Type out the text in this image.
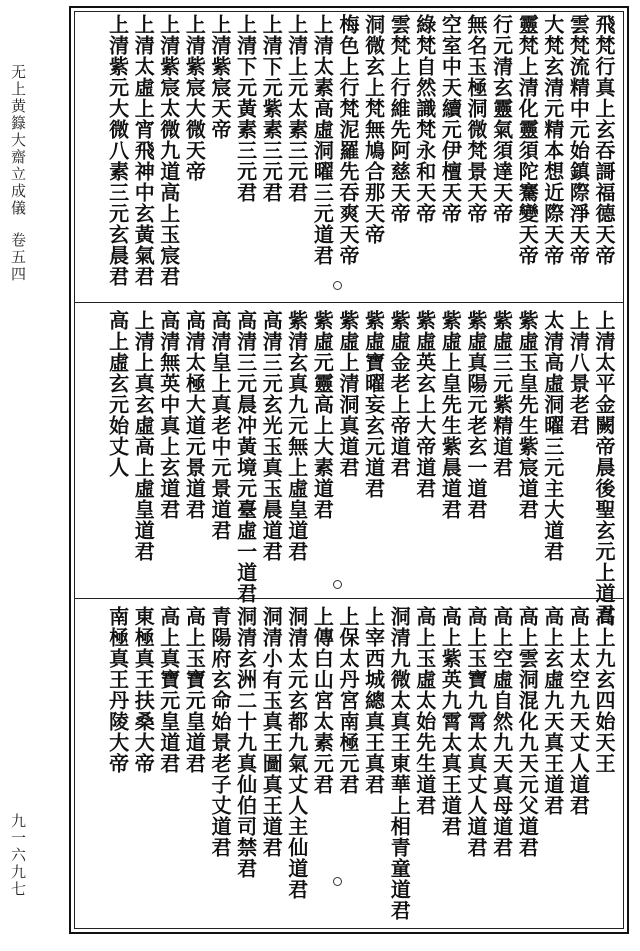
无上黄籙大齋立成儀
卷五四
九一六九七
飛梵行真上玄吞謌福德天帝
雲梵流精中元始鎮際淨天帝
大梵玄清元精本想近際天帝
靈梵上清化靈須陀騫變天帝
行元清玄靈氣須達天帝
無名玉極洞微梵景天帝
空室中天續元伊檀天帝
綠梵自然識梵永和天帝
雲梵上行維先阿慈天帝
洞微玄上梵無鳩合那天帝
梅色上行梵泥羅先吞爽天帝
上清太素高虛洞曜三元道君
上清上元太素三元君
上清下元紫素三元君
上清下元黃素三元君
上清紫宸天帝
上清紫宸大微天帝
上清紫宸太微九道高上玉宸君
上清太虛上宵飛神中玄黃氣君
上清紫元大微八素三元玄晨君
上清太平金闕帝晨後聖玄元上道君
上清八景老君
太清高虛洞曜三元主大道君
紫虛玉皇先生紫宸道君
紫虛三元紫精道君
紫虛真陽元老玄一道君
紫虛上皇先生紫晨道君
紫虛英玄上大帝道君
紫虛金老上帝道君
紫虛寶曜妄玄元道君
紫虛上清洞真道君
紫虛元靈高上大素道君
紫清玄真九元無上虛皇道君
高清三元玄光玉真玉晨道君
高清三元晨冲黃境元臺虛一道君
高清皇上真老中元景道君
高清太極大道元景道君
高清無英中真上玄道君
上清上真玄虛高上虛皇道君
高上虛玄元始丈人
高上九玄四始天王
高上太空九天丈人道君
高上玄虛九天真王道君
高上雲洞混化九天元父道君
高上空虛自然九天真母道君
高上玉寶九霄太真丈人道君
高上紫英九霄太真王道君
高上玉虛太始先生道君
洞清九微太真王東華上相青童道君
上宰西城總真王真君
上保太丹宮南極元君
上傳白山宮太素元君
洞清太元玄都九氣丈人主仙道君
洞清小有玉真王圖真王道君
洞清玄洲二十九真仙伯司禁君
青陽府玄命始景老子丈道君
高上玉寶元皇道君
高上真寶元皇道君
東極真王扶桑大帝
南極真王丹陵大帝
